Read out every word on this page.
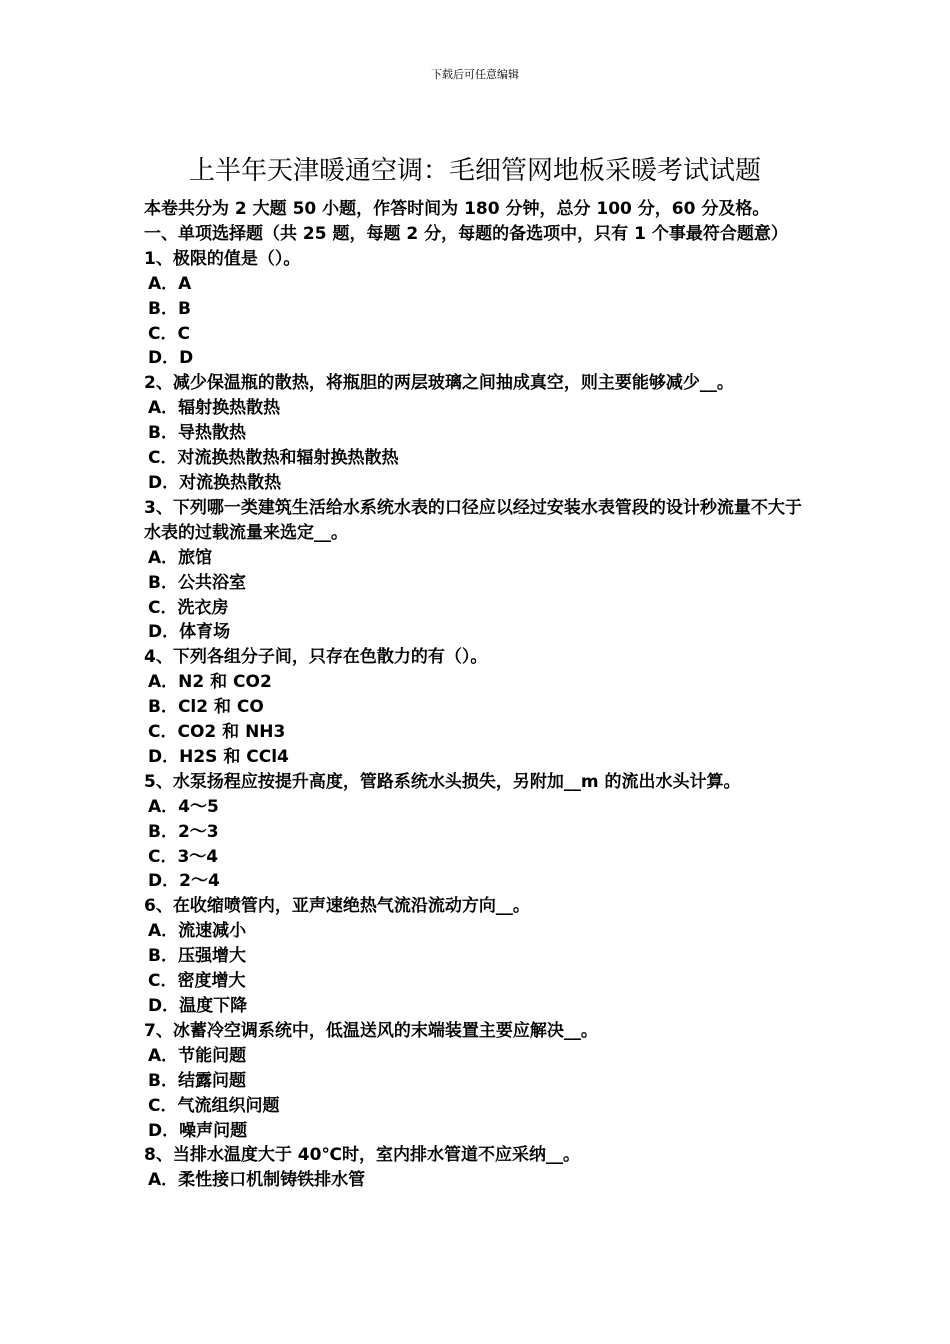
下载后可任意编辑
上半年天津暖通空调：毛细管网地板采暖考试试题
本卷共分为 2 大题 50 小题，作答时间为 180 分钟，总分 100 分，60 分及格。
一、单项选择题（共 25 题，每题 2 分，每题的备选项中，只有 1 个事最符合题意）
1、极限的值是（）。
A．A
B．B
C．C
D．D
2、减少保温瓶的散热，将瓶胆的两层玻璃之间抽成真空，则主要能够减少__。
A．辐射换热散热
B．导热散热
C．对流换热散热和辐射换热散热
D．对流换热散热
3、下列哪一类建筑生活给水系统水表的口径应以经过安装水表管段的设计秒流量不大于水表的过载流量来选定__。
A．旅馆
B．公共浴室
C．洗衣房
D．体育场
4、下列各组分子间，只存在色散力的有（）。
A．N2 和 CO2
B．Cl2 和 CO
C．CO2 和 NH3
D．H2S 和 CCl4
5、水泵扬程应按提升高度，管路系统水头损失，另附加__m 的流出水头计算。
A．4～5
B．2～3
C．3～4
D．2～4
6、在收缩喷管内，亚声速绝热气流沿流动方向__。
A．流速减小
B．压强增大
C．密度增大
D．温度下降
7、冰蓄冷空调系统中，低温送风的末端装置主要应解决__。
A．节能问题
B．结露问题
C．气流组织问题
D．噪声问题
8、当排水温度大于 40℃时，室内排水管道不应采纳__。
A．柔性接口机制铸铁排水管
